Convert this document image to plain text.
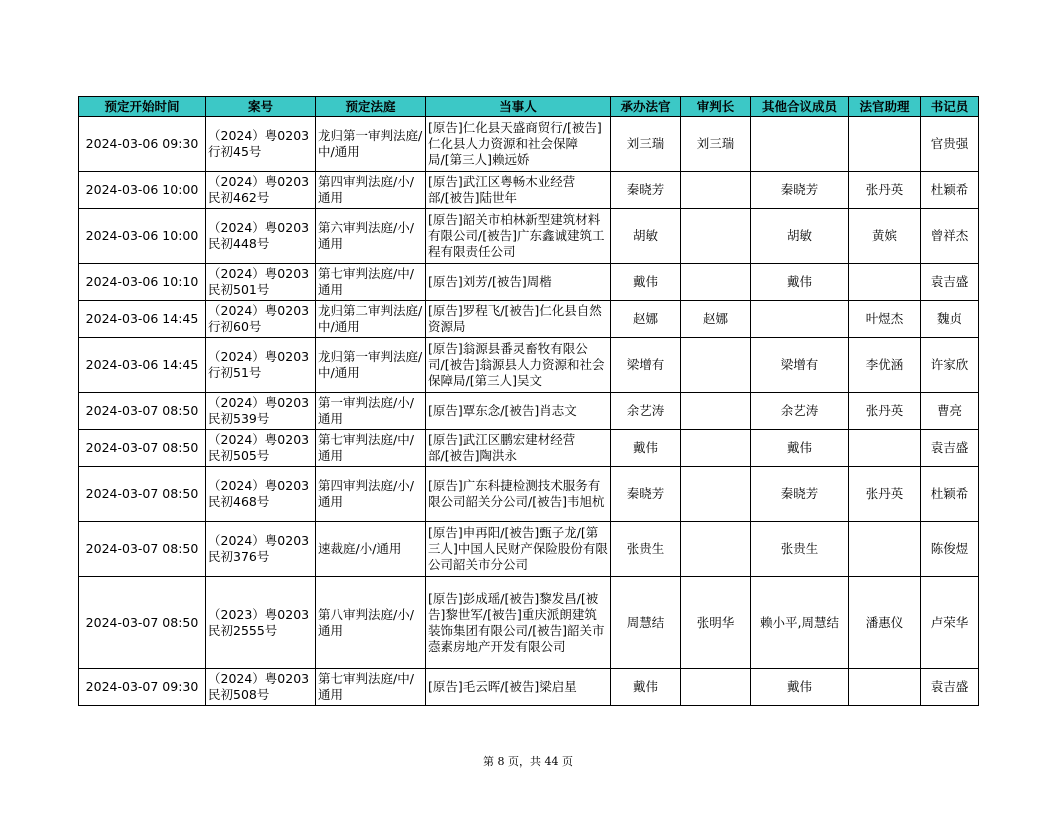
预定开始时间	案号	预定法庭	当事人	承办法官	审判长	其他合议成员	法官助理	书记员
2024-03-06 09:30	（2024）粤0203行初45号	龙归第一审判法庭/中/通用	[原告]仁化县天盛商贸行/[被告]仁化县人力资源和社会保障局/[第三人]赖远娇	刘三瑞	刘三瑞			官贵强
2024-03-06 10:00	（2024）粤0203民初462号	第四审判法庭/小/通用	[原告]武江区粤畅木业经营部/[被告]陆世年	秦晓芳		秦晓芳	张丹英	杜颖希
2024-03-06 10:00	（2024）粤0203民初448号	第六审判法庭/小/通用	[原告]韶关市柏林新型建筑材料有限公司/[被告]广东鑫诚建筑工程有限责任公司	胡敏		胡敏	黄嫔	曾祥杰
2024-03-06 10:10	（2024）粤0203民初501号	第七审判法庭/中/通用	[原告]刘芳/[被告]周楷	戴伟		戴伟		袁吉盛
2024-03-06 14:45	（2024）粤0203行初60号	龙归第二审判法庭/中/通用	[原告]罗程飞/[被告]仁化县自然资源局	赵娜	赵娜		叶煜杰	魏贞
2024-03-06 14:45	（2024）粤0203行初51号	龙归第一审判法庭/中/通用	[原告]翁源县番灵畜牧有限公司/[被告]翁源县人力资源和社会保障局/[第三人]吴文	梁增有		梁增有	李优涵	许家欣
2024-03-07 08:50	（2024）粤0203民初539号	第一审判法庭/小/通用	[原告]覃东念/[被告]肖志文	余艺涛		余艺涛	张丹英	曹亮
2024-03-07 08:50	（2024）粤0203民初505号	第七审判法庭/中/通用	[原告]武江区鹏宏建材经营部/[被告]陶洪永	戴伟		戴伟		袁吉盛
2024-03-07 08:50	（2024）粤0203民初468号	第四审判法庭/小/通用	[原告]广东科捷检测技术服务有限公司韶关分公司/[被告]韦旭杭	秦晓芳		秦晓芳	张丹英	杜颖希
2024-03-07 08:50	（2024）粤0203民初376号	速裁庭/小/通用	[原告]申再阳/[被告]甄子龙/[第三人]中国人民财产保险股份有限公司韶关市分公司	张贵生		张贵生		陈俊煜
2024-03-07 08:50	（2023）粤0203民初2555号	第八审判法庭/小/通用	[原告]彭成瑶/[被告]黎发昌/[被告]黎世军/[被告]重庆派朗建筑装饰集团有限公司/[被告]韶关市悫素房地产开发有限公司	周慧结	张明华	赖小平,周慧结	潘惠仪	卢荣华
2024-03-07 09:30	（2024）粤0203民初508号	第七审判法庭/中/通用	[原告]毛云晖/[被告]梁启星	戴伟		戴伟		袁吉盛
第 8 页，共 44 页
